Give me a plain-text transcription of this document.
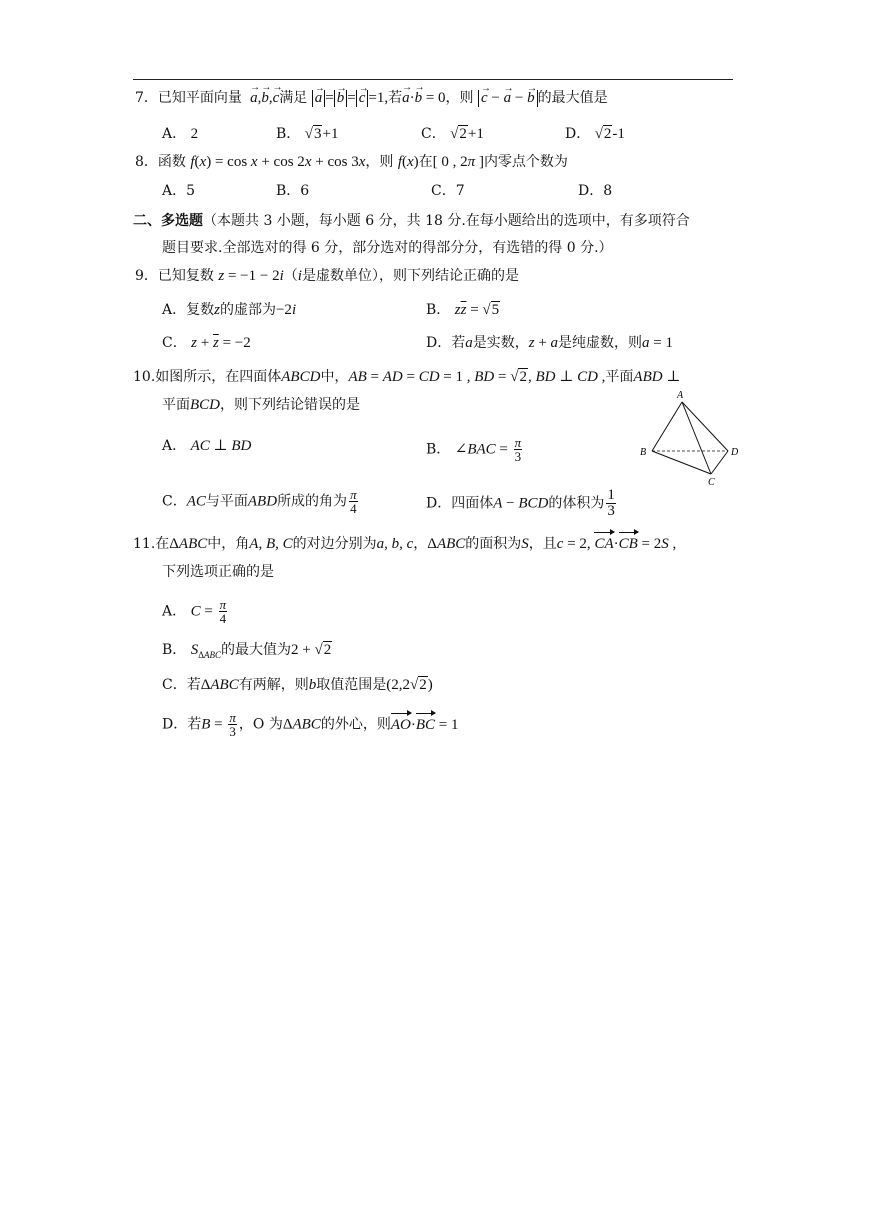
7．已知平面向量 → a,→ b,→ c满足 → a = → b = → c =1,若→ a·→ b = 0，则 → c − → a − → b 的最大值是
A． 2	B． √3+1	C． √2+1	D． √2-1
8．函数 f(x) = cos x + cos 2x + cos 3x，则 f(x)在[ 0 , 2π ]内零点个数为
A．5	B．6	C．7	D．8
二、多选题（本题共 3 小题，每小题 6 分，共 18 分.在每小题给出的选项中，有多项符合
题目要求.全部选对的得 6 分，部分选对的得部分分，有选错的得 0 分.）
9．已知复数 z = −1 − 2i（i是虚数单位），则下列结论正确的是
A．复数z的虚部为−2i	B． $z\overline{z} = √5$
C． $z + \overline{z} = -2$	D．若a是实数，z + a是纯虚数，则a = 1
10.如图所示，在四面体ABCD中，AB = AD = CD = 1 , BD = √2, BD ⊥ CD ,平面ABD ⊥
平面BCD，则下列结论错误的是
A． AC ⊥ BD	B． ∠BAC = $\frac{\pi}{3}$
C．AC与平面ABD所成的角为 $\frac{\pi}{4}$	D．四面体A − BCD的体积为 $\frac{1}{3}$
A
B
C
D
11.在ΔABC中，角A, B, C的对边分别为a, b, c，ΔABC的面积为S，且c = 2, CA·CB = 2S ,
下列选项正确的是
A． $C = \frac{\pi}{4}$
B． $S_{\Delta ABC}$的最大值为2 + √2
C．若ΔABC有两解，则b取值范围是(2,2√2)
D．若$B = \frac{\pi}{3}$ ，O 为ΔABC的外心，则AO·BC = 1
